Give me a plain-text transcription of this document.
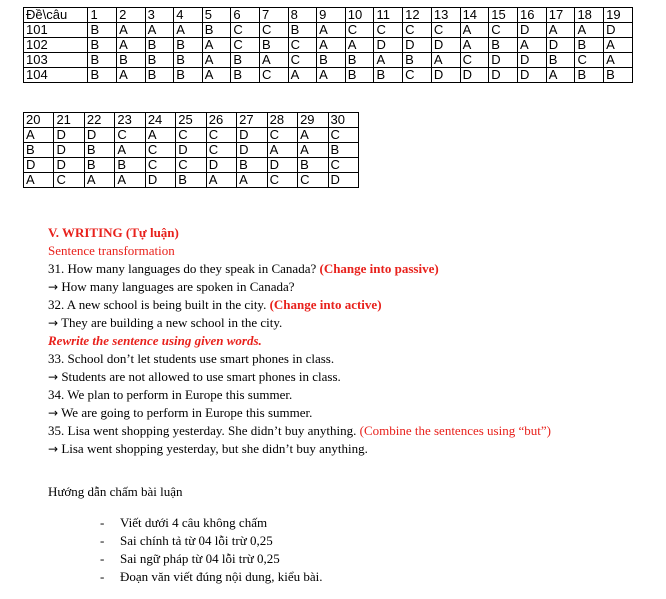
Đề\câu	1	2	3	4	5	6	7	8	9	10	11	12	13	14	15	16	17	18	19
101	B	A	A	A	B	C	C	B	A	C	C	C	C	A	C	D	A	A	D
102	B	A	B	B	A	C	B	C	A	A	D	D	D	A	B	A	D	B	A
103	B	B	B	B	A	B	A	C	B	B	A	B	A	C	D	D	B	C	A
104	B	A	B	B	A	B	C	A	A	B	B	C	D	D	D	D	A	B	B
20	21	22	23	24	25	26	27	28	29	30
A	D	D	C	A	C	C	D	C	A	C
B	D	B	A	C	D	C	D	A	A	B
D	D	B	B	C	C	D	B	D	B	C
A	C	A	A	D	B	A	A	C	C	D

V. WRITING (Tự luận)

Sentence transformation

31. How many languages do they speak in Canada? (Change into passive)

→ How many languages are spoken in Canada?

32. A new school is being built in the city. (Change into active)

→ They are building a new school in the city.

Rewrite the sentence using given words.

33. School don’t let students use smart phones in class.

→ Students are not allowed to use smart phones in class.

34. We plan to perform in Europe this summer.

→ We are going to perform in Europe this summer.

35. Lisa went shopping yesterday. She didn’t buy anything. (Combine the sentences using “but”)

→ Lisa went shopping yesterday, but she didn’t buy anything.

Hướng dẫn chấm bài luận
- Viết dưới 4 câu không chấm
- Sai chính tả từ 04 lỗi trừ 0,25
- Sai ngữ pháp từ 04 lỗi trừ 0,25
- Đoạn văn viết đúng nội dung, kiểu bài.
